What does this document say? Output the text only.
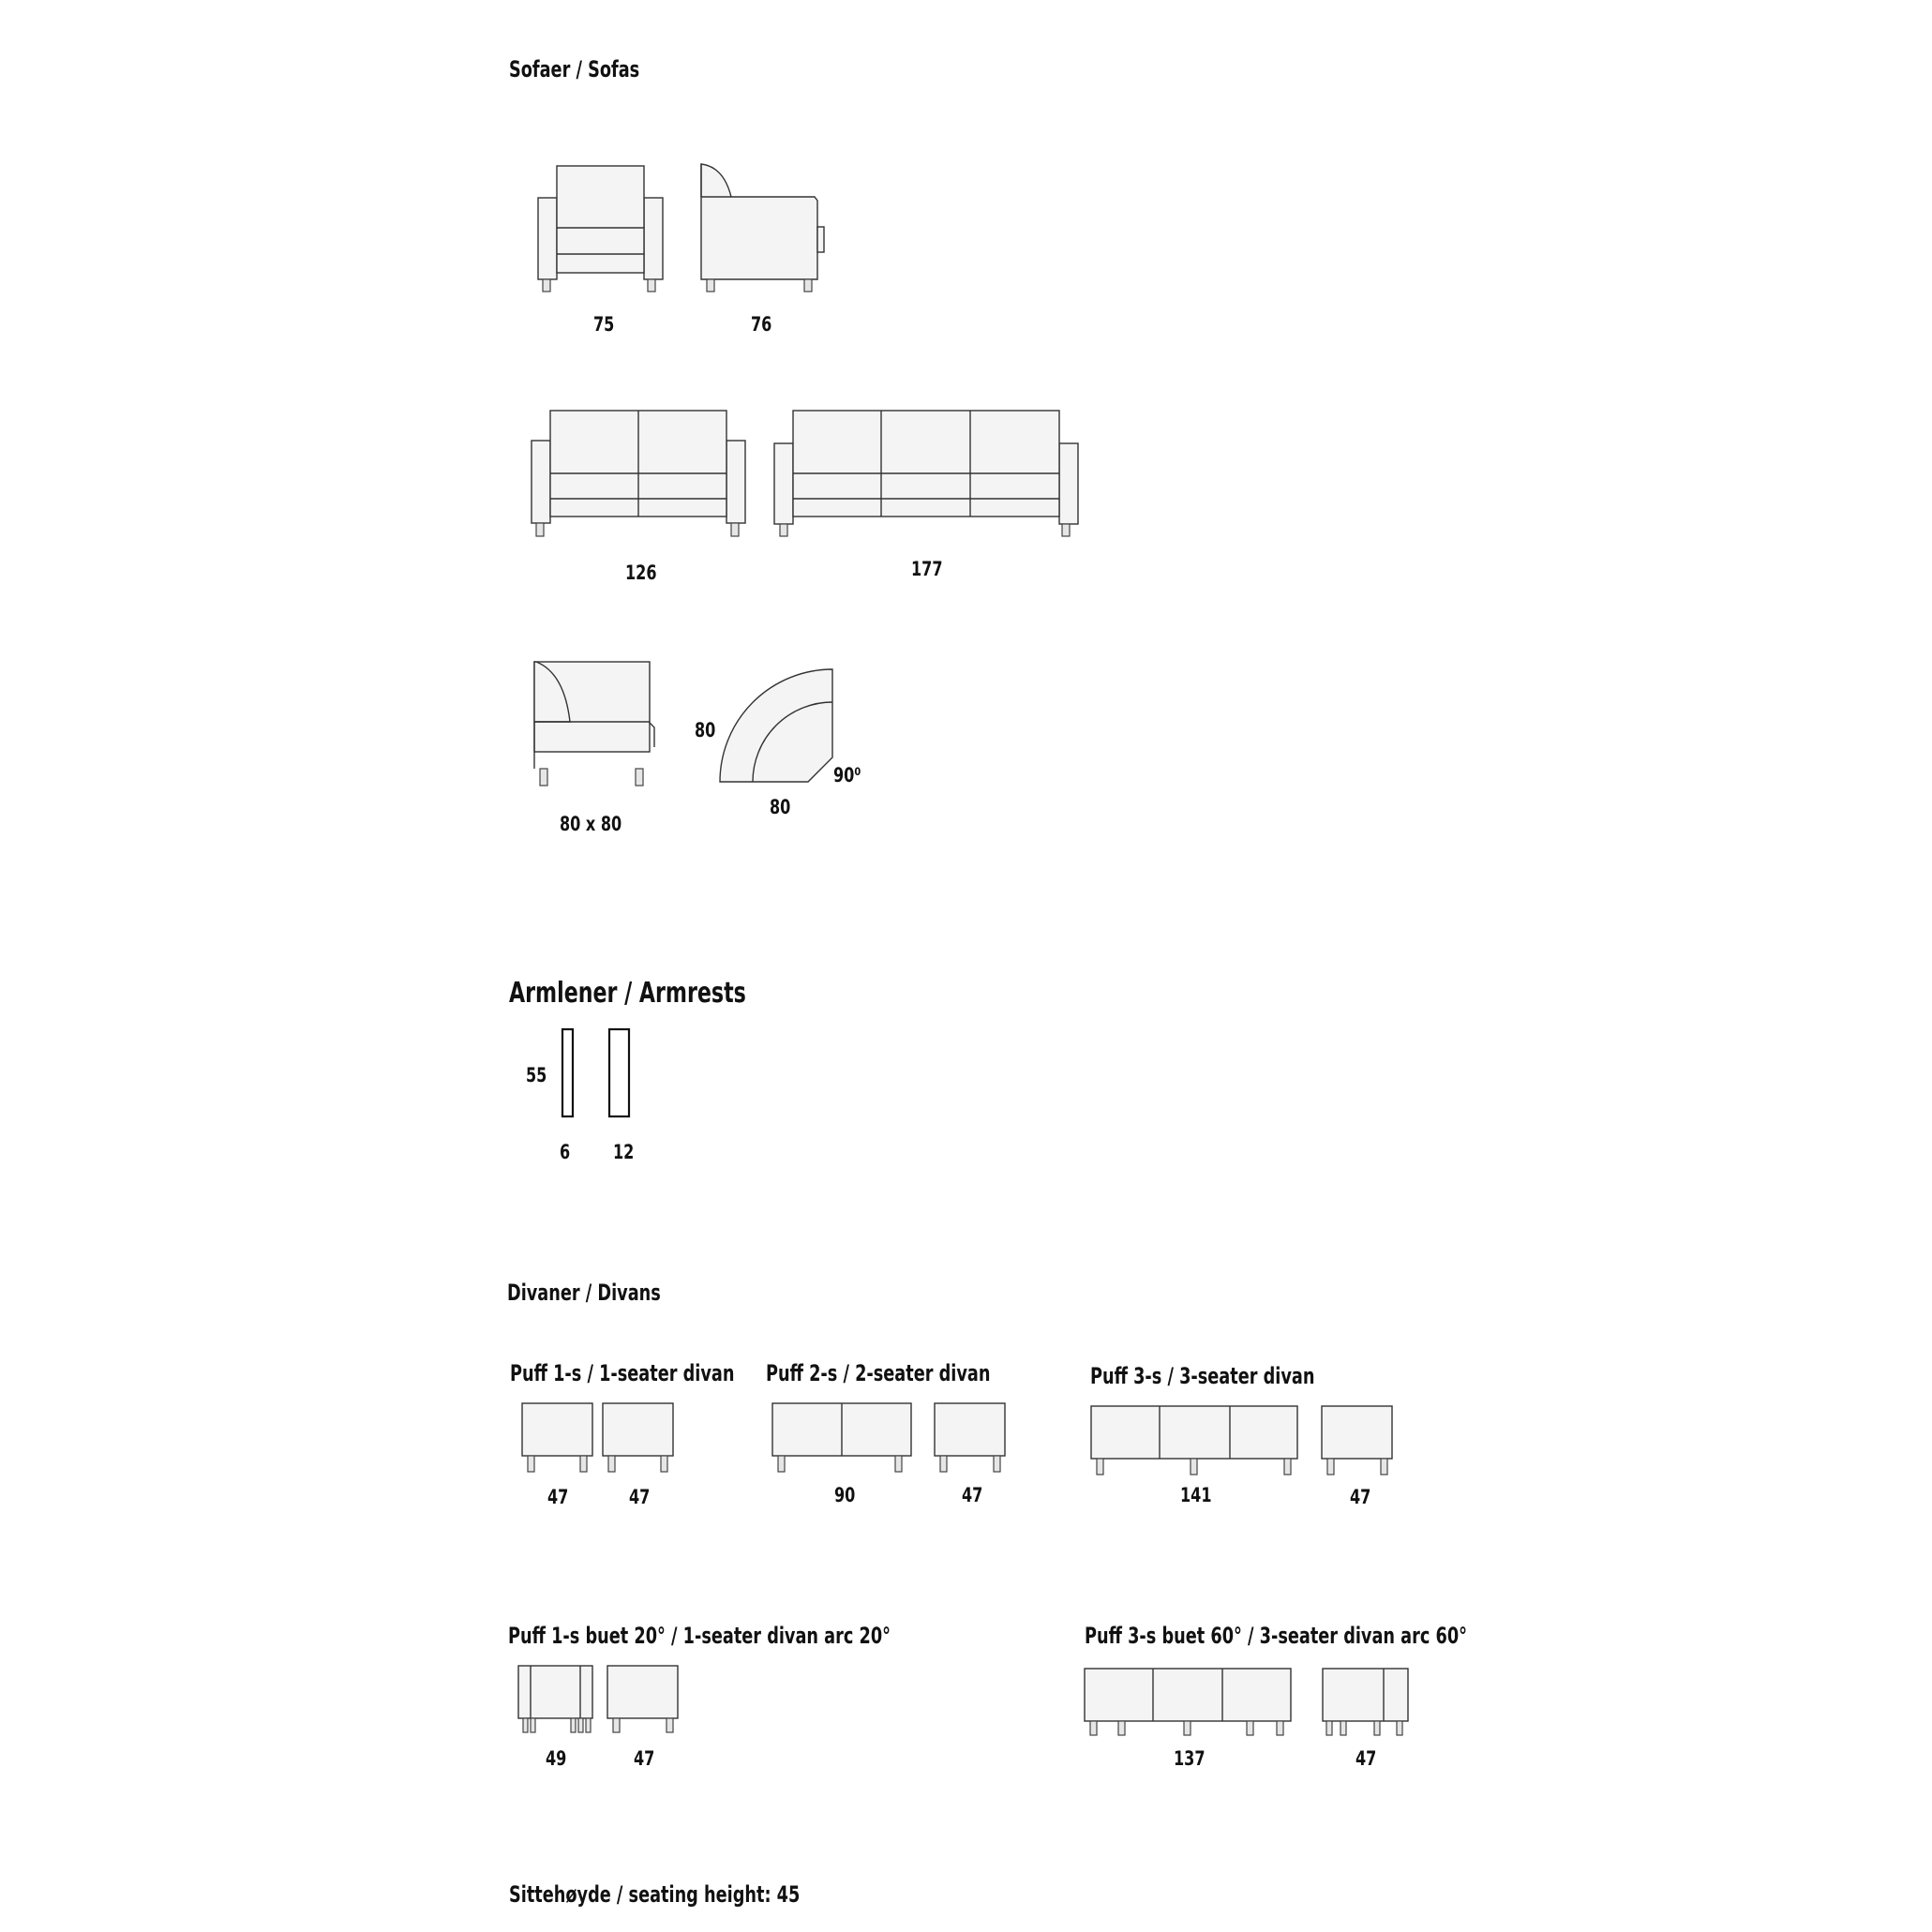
Sofaer / Sofas
Armlener / Armrests
Divaner / Divans
Sittehøyde / seating height: 45
75	76
126	177
80 x 80
80
80
90⁰
55
6 12
Puff 1-s / 1-seater divan
47	47
Puff 2-s / 2-seater divan
90	47
Puff 3-s / 3-seater divan
141	47
Puff 1-s buet 20° / 1-seater divan arc 20°
49	47
Puff 3-s buet 60° / 3-seater divan arc 60°
137	47
